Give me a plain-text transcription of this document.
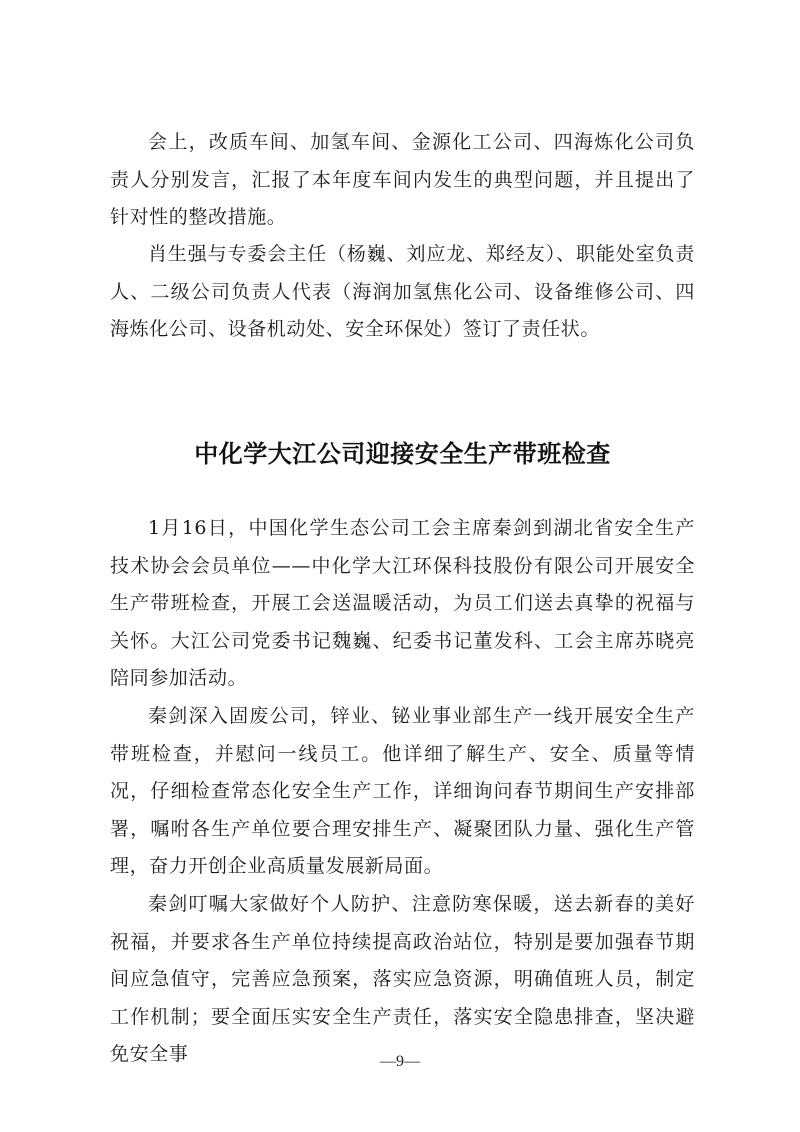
会上，改质车间、加氢车间、金源化工公司、四海炼化公司负责人分别发言，汇报了本年度车间内发生的典型问题，并且提出了针对性的整改措施。

肖生强与专委会主任（杨巍、刘应龙、郑经友）、职能处室负责人、二级公司负责人代表（海润加氢焦化公司、设备维修公司、四海炼化公司、设备机动处、安全环保处）签订了责任状。

中化学大江公司迎接安全生产带班检查

1月16日，中国化学生态公司工会主席秦剑到湖北省安全生产技术协会会员单位——中化学大江环保科技股份有限公司开展安全生产带班检查，开展工会送温暖活动，为员工们送去真挚的祝福与关怀。大江公司党委书记魏巍、纪委书记董发科、工会主席苏晓亮陪同参加活动。

秦剑深入固废公司，锌业、铋业事业部生产一线开展安全生产带班检查，并慰问一线员工。他详细了解生产、安全、质量等情况，仔细检查常态化安全生产工作，详细询问春节期间生产安排部署，嘱咐各生产单位要合理安排生产、凝聚团队力量、强化生产管理，奋力开创企业高质量发展新局面。

秦剑叮嘱大家做好个人防护、注意防寒保暖，送去新春的美好祝福，并要求各生产单位持续提高政治站位，特别是要加强春节期间应急值守，完善应急预案，落实应急资源，明确值班人员，制定工作机制；要全面压实安全生产责任，落实安全隐患排查，坚决避免安全事	—9—
